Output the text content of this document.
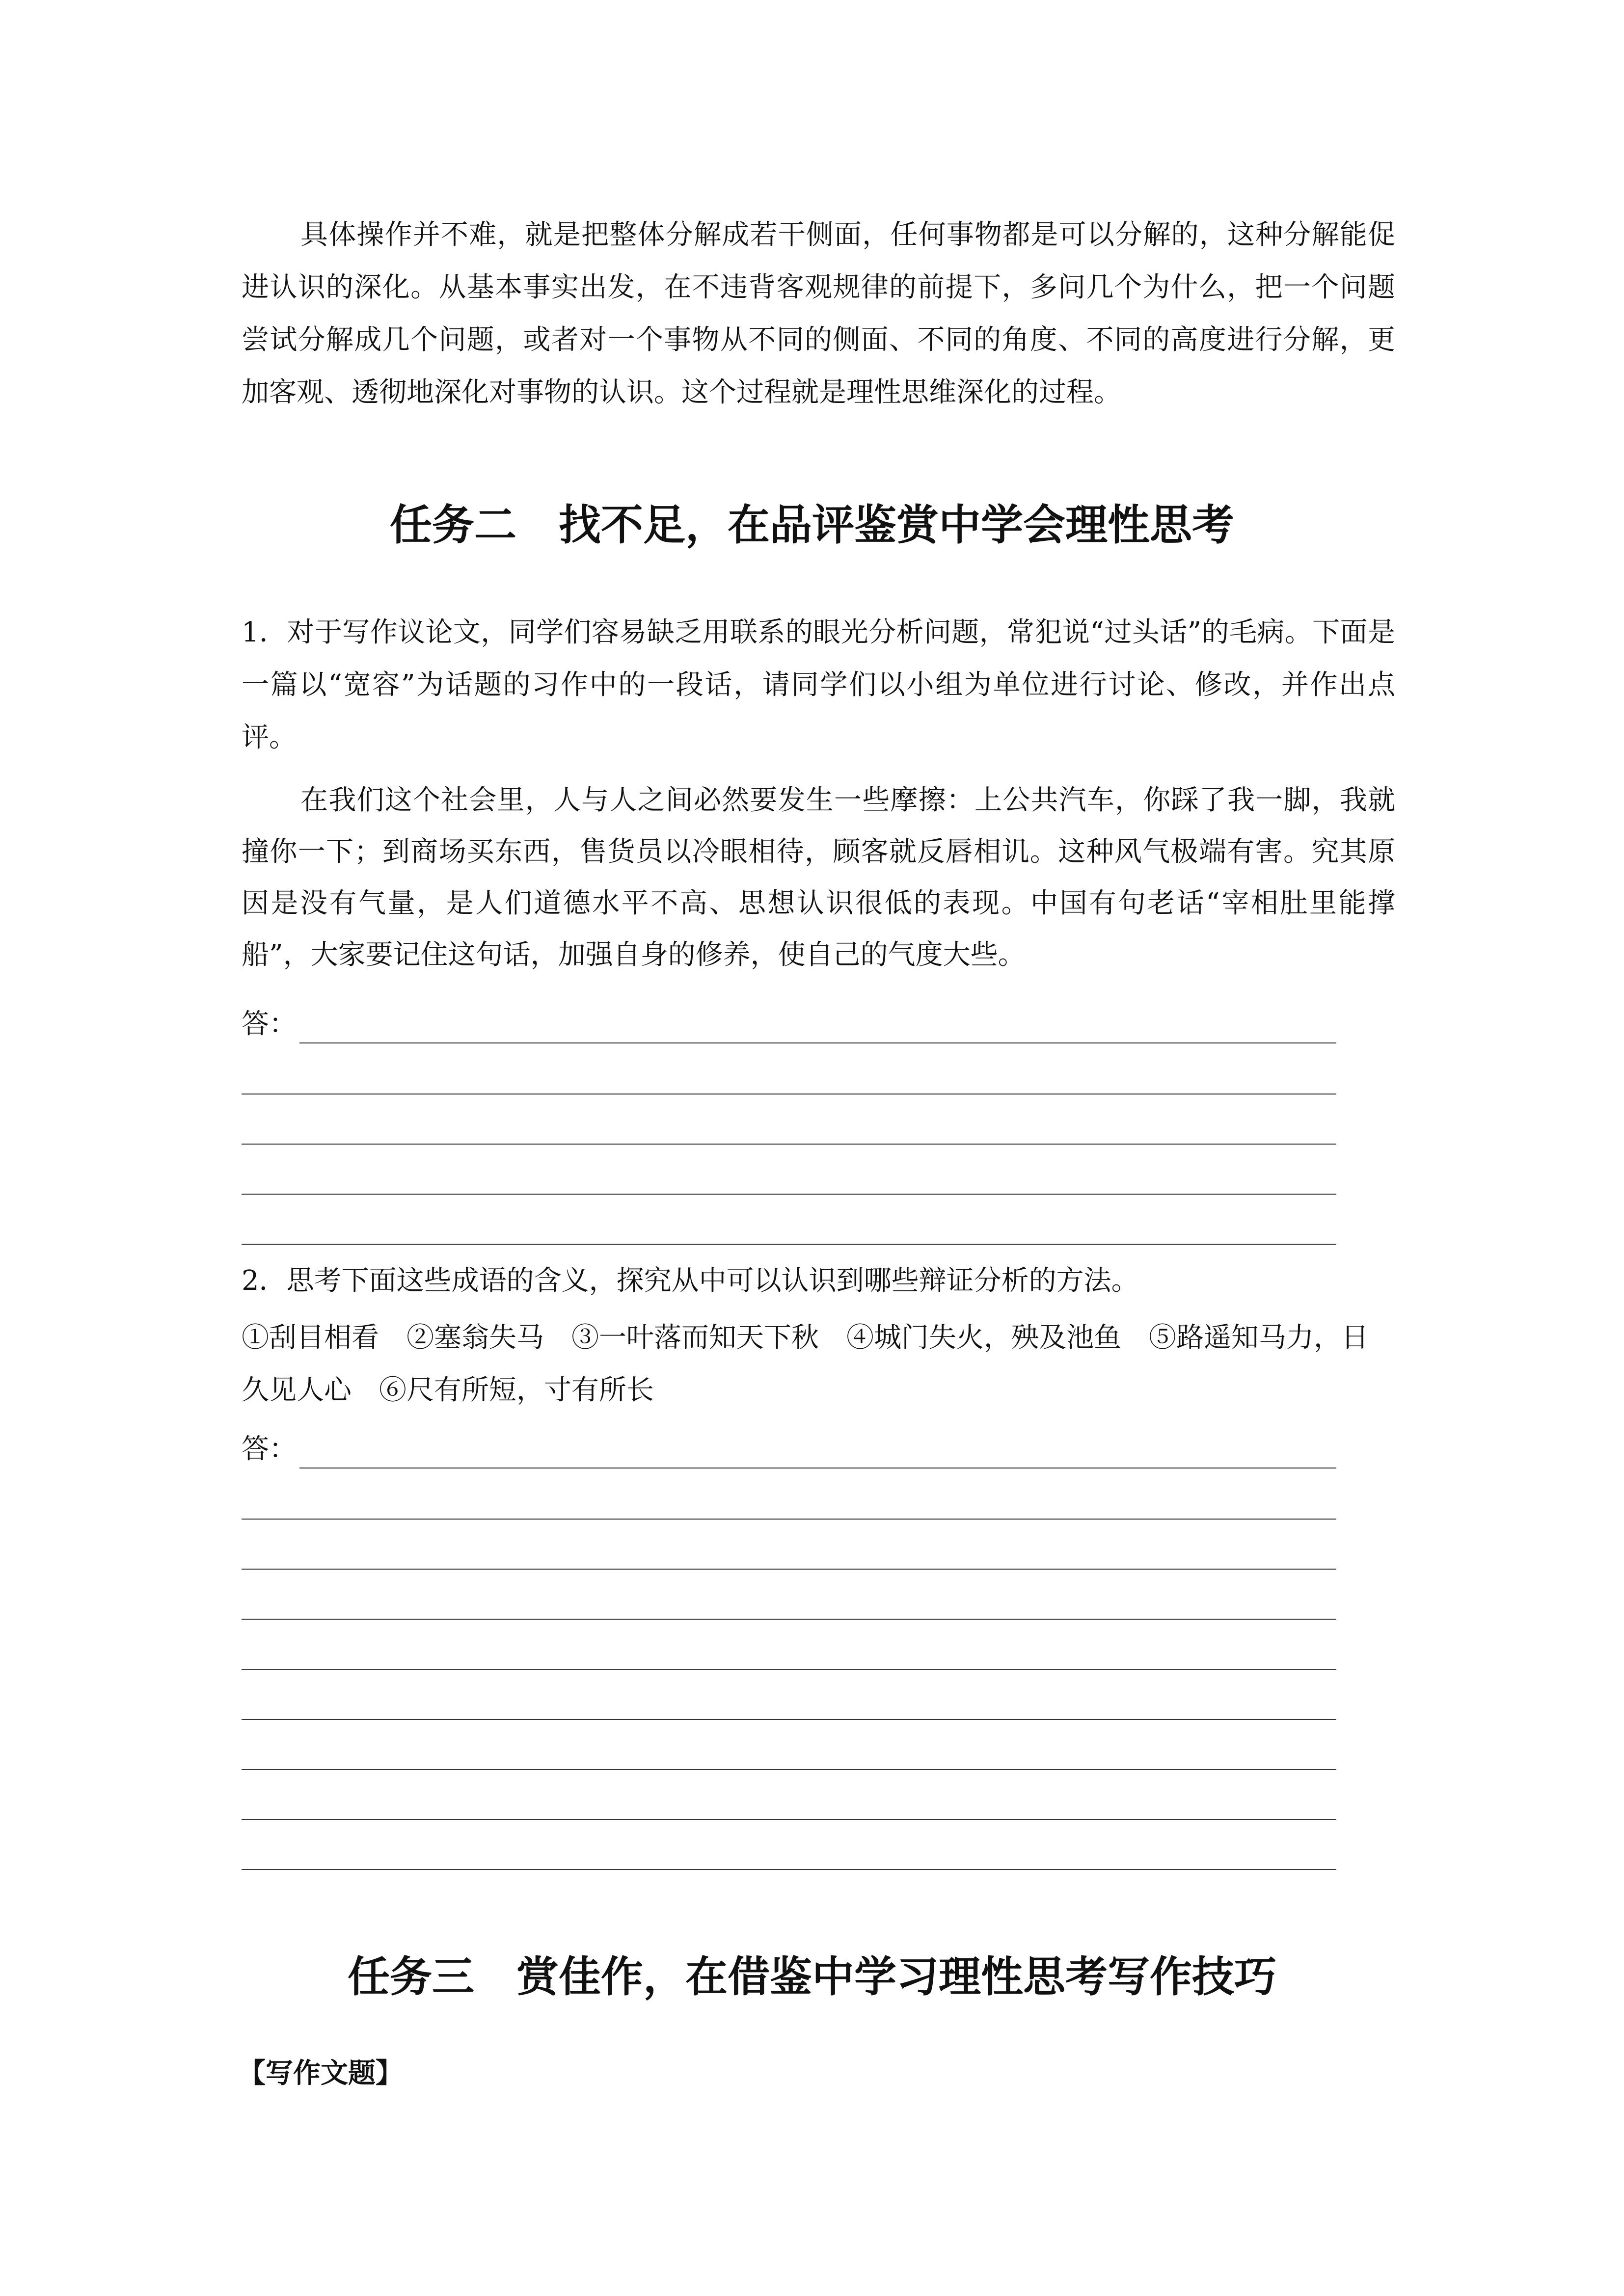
具体操作并不难，就是把整体分解成若干侧面，任何事物都是可以分解的，这种分解能促进认识的深化。从基本事实出发，在不违背客观规律的前提下，多问几个为什么，把一个问题尝试分解成几个问题，或者对一个事物从不同的侧面、不同的角度、不同的高度进行分解，更加客观、透彻地深化对事物的认识。这个过程就是理性思维深化的过程。

任务二　找不足，在品评鉴赏中学会理性思考

1．对于写作议论文，同学们容易缺乏用联系的眼光分析问题，常犯说“过头话”的毛病。下面是一篇以“宽容”为话题的习作中的一段话，请同学们以小组为单位进行讨论、修改，并作出点评。

在我们这个社会里，人与人之间必然要发生一些摩擦：上公共汽车，你踩了我一脚，我就撞你一下；到商场买东西，售货员以冷眼相待，顾客就反唇相讥。这种风气极端有害。究其原因是没有气量，是人们道德水平不高、思想认识很低的表现。中国有句老话“宰相肚里能撑船”，大家要记住这句话，加强自身的修养，使自己的气度大些。

答：

2．思考下面这些成语的含义，探究从中可以认识到哪些辩证分析的方法。

①刮目相看　②塞翁失马　③一叶落而知天下秋　④城门失火，殃及池鱼　⑤路遥知马力，日久见人心　⑥尺有所短，寸有所长

答：
任务三　赏佳作，在借鉴中学习理性思考写作技巧
【写作文题】
